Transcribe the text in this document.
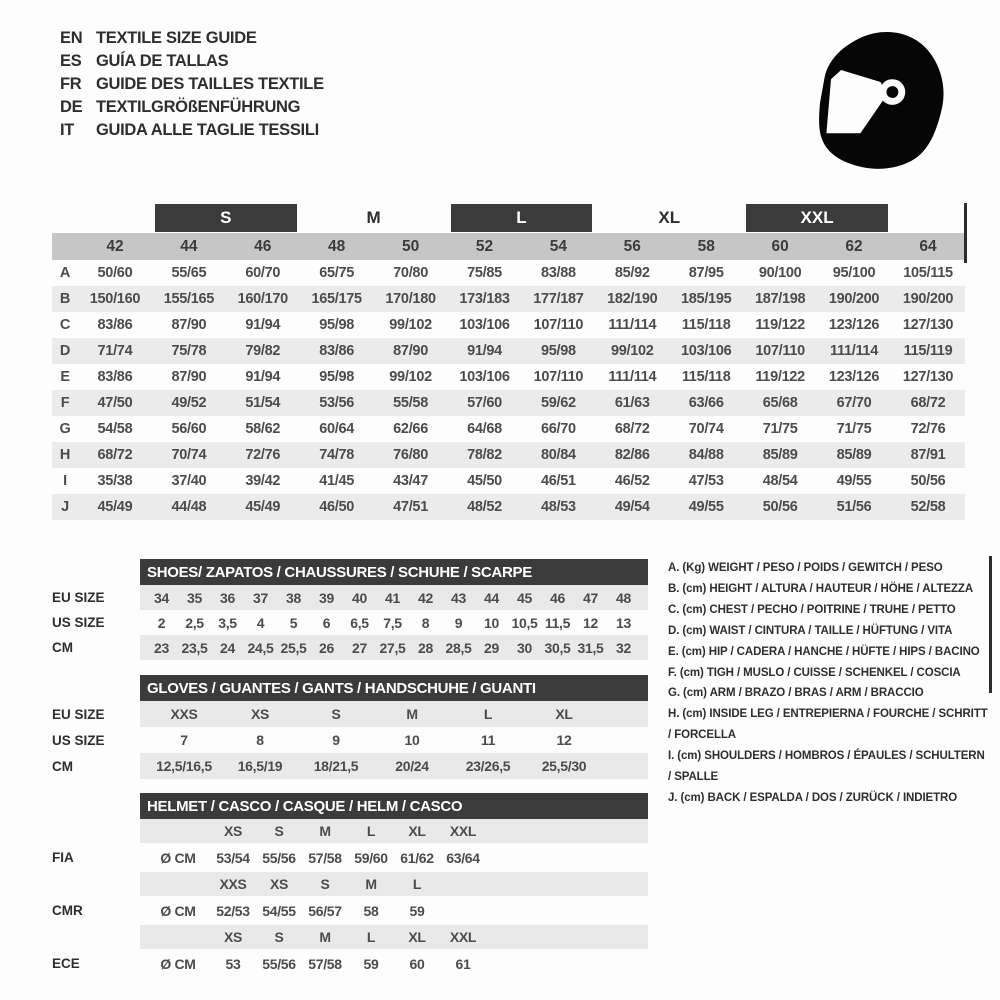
EN TEXTILE SIZE GUIDE
ES GUÍA DE TALLAS
FR GUIDE DES TAILLES TEXTILE
DE TEXTILGRÖßENFÜHRUNG
IT	GUIDA ALLE TAGLIE TESSILI

		S		M		L		XL		XXL		

	42	44	46	48	50	52	54	56	58	60	62	64
A	50/60	55/65	60/70	65/75	70/80	75/85	83/88	85/92	87/95	90/100	95/100	105/115
B	150/160	155/165	160/170	165/175	170/180	173/183	177/187	182/190	185/195	187/198	190/200	190/200
C	83/86	87/90	91/94	95/98	99/102	103/106	107/110	111/114	115/118	119/122	123/126	127/130
D	71/74	75/78	79/82	83/86	87/90	91/94	95/98	99/102	103/106	107/110	111/114	115/119
E	83/86	87/90	91/94	95/98	99/102	103/106	107/110	111/114	115/118	119/122	123/126	127/130
F	47/50	49/52	51/54	53/56	55/58	57/60	59/62	61/63	63/66	65/68	67/70	68/72
G	54/58	56/60	58/62	60/64	62/66	64/68	66/70	68/72	70/74	71/75	71/75	72/76
H	68/72	70/74	72/76	74/78	76/80	78/82	80/84	82/86	84/88	85/89	85/89	87/91
I	35/38	37/40	39/42	41/45	43/47	45/50	46/51	46/52	47/53	48/54	49/55	50/56
J	45/49	44/48	45/49	46/50	47/51	48/52	48/53	49/54	49/55	50/56	51/56	52/58
SHOES/ ZAPATOS / CHAUSSURES / SCHUHE / SCARPE
EU SIZE	34	35	36	37	38	39	40	41	42	43	44	45	46	47	48
US SIZE	2	2,5	3,5	4	5	6	6,5	7,5	8	9	10 10,5 11,5 12	13
CM	23 23,5 24 24,5 25,5 26	27 27,5 28 28,5 29	30 30,5 31,5 32
GLOVES / GUANTES / GANTS / HANDSCHUHE / GUANTI
EU SIZE	XXS	XS	S	M	L	XL
US SIZE	7	8	9	10	11	12
CM	12,5/16,5	16,5/19	18/21,5	20/24	23/26,5	25,5/30
HELMET / CASCO / CASQUE / HELM / CASCO
XS	S	M	L	XL	XXL
FIA	Ø CM	53/54 55/56 57/58 59/60 61/62 63/64
XXS	XS	S	M	L
CMR	Ø CM	52/53 54/55 56/57	58	59
XS	S	M	L	XL	XXL
ECE	Ø CM	53	55/56 57/58	59	60	61
A. (Kg) WEIGHT / PESO / POIDS / GEWITCH / PESO
B. (cm) HEIGHT / ALTURA / HAUTEUR / HÖHE / ALTEZZA
C. (cm) CHEST / PECHO / POITRINE / TRUHE / PETTO
D. (cm) WAIST / CINTURA / TAILLE / HÜFTUNG / VITA
E. (cm) HIP / CADERA / HANCHE / HÜFTE / HIPS / BACINO
F. (cm) TIGH / MUSLO / CUISSE / SCHENKEL / COSCIA
G. (cm) ARM / BRAZO / BRAS / ARM / BRACCIO
H. (cm) INSIDE LEG / ENTREPIERNA / FOURCHE / SCHRITT / FORCELLA
I. (cm) SHOULDERS / HOMBROS / ÉPAULES / SCHULTERN / SPALLE
J. (cm) BACK / ESPALDA / DOS / ZURÜCK / INDIETRO
